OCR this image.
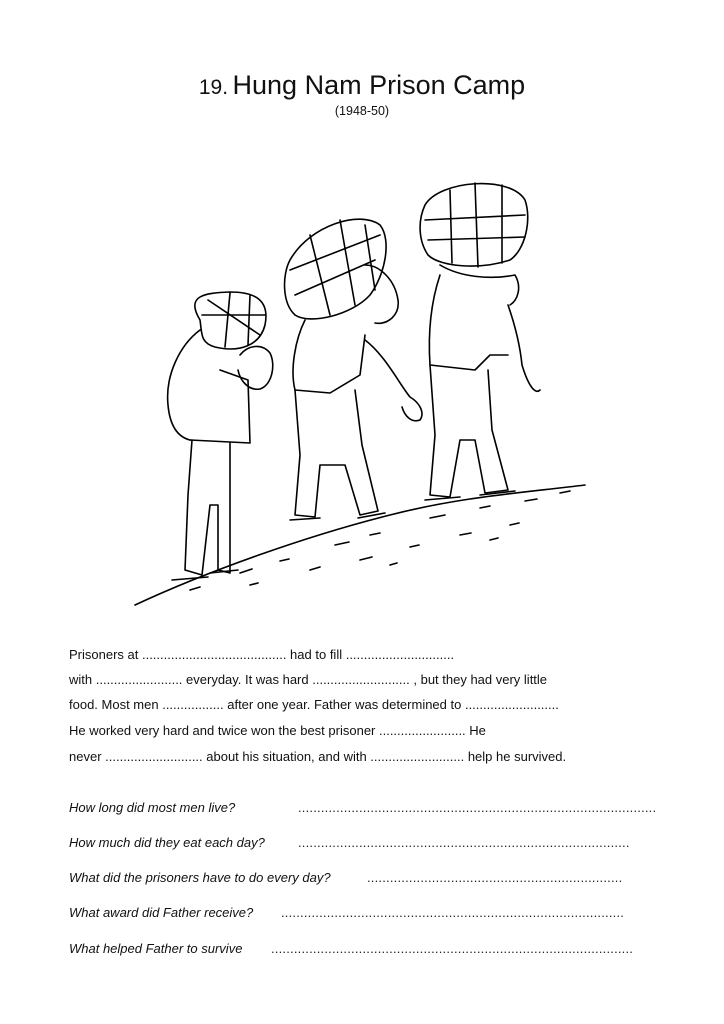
19. Hung Nam Prison Camp
(1948-50)
Prisoners at ........................................ had to fill ..............................
with ........................ everyday. It was hard ........................... , but they had very little
food. Most men ................. after one year. Father was determined to ..........................
He worked very hard and twice won the best prisoner ........................ He
never ........................... about his situation, and with .......................... help he survived.
How long did most men live?	..............................................................................................
How much did they eat each day?	.......................................................................................
What did the prisoners have to do every day?	...................................................................
What award did Father receive? ..........................................................................................
What helped Father to survive ...............................................................................................
